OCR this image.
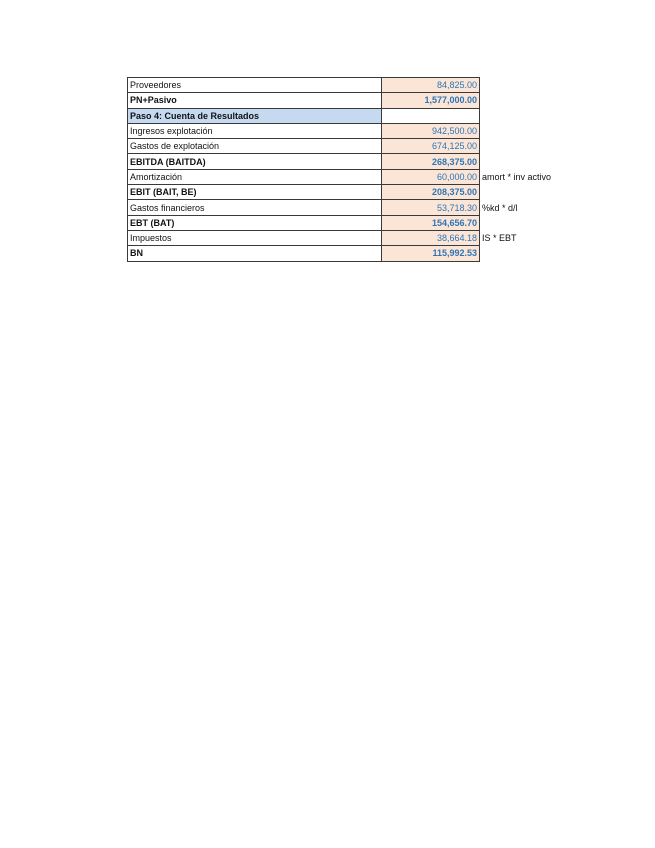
Proveedores	84,825.00	
PN+Pasivo	1,577,000.00	
Paso 4: Cuenta de Resultados		
Ingresos explotación	942,500.00	
Gastos de explotación	674,125.00	
EBITDA (BAITDA)	268,375.00	
Amortización	60,000.00	amort * inv activo
EBIT (BAIT, BE)	208,375.00	
Gastos financieros	53,718.30	%kd * d/l
EBT (BAT)	154,656.70	
Impuestos	38,664.18	IS * EBT
BN	115,992.53	
